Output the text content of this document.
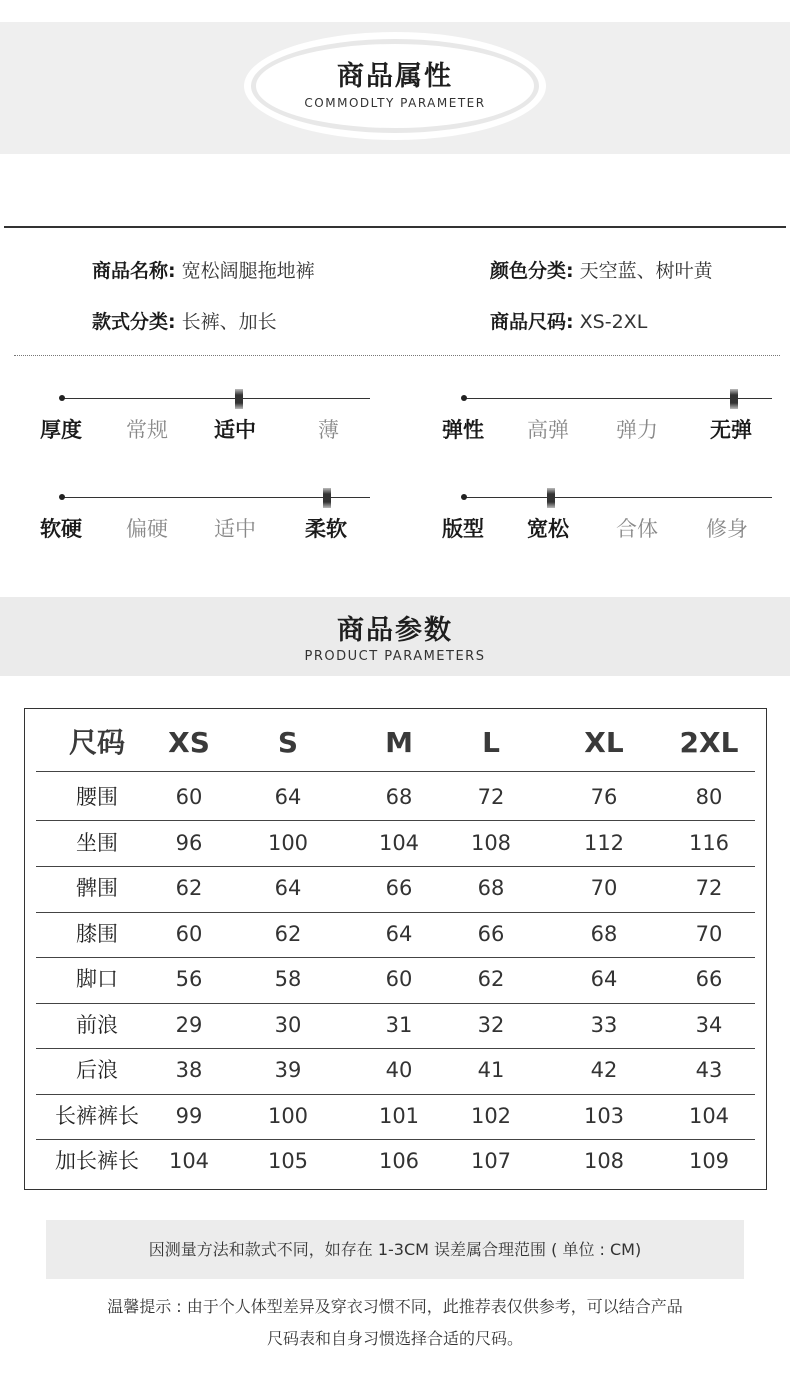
商品属性
COMMODLTY PARAMETER
商品名称: 宽松阔腿拖地裤	颜色分类: 天空蓝、树叶黄
款式分类: 长裤、加长	商品尺码: XS-2XL
厚度 常规 适中	薄	弹性 高弹 弹力 无弹
软硬 偏硬 适中 柔软	版型 宽松 合体 修身
商品参数
PRODUCT PARAMETERS
尺码	XS	S	M	L	XL	2XL
腰围	60	64	68	72	76	80
坐围	96	100	104	108	112	116
髀围	62	64	66	68	70	72
膝围	60	62	64	66	68	70
脚口	56	58	60	62	64	66
前浪	29	30	31	32	33	34
后浪	38	39	40	41	42	43
长裤裤长	99	100	101	102	103	104
加长裤长	104	105	106	107	108	109
因测量方法和款式不同，如存在 1-3CM 误差属合理范围 ( 单位 : CM)
温馨提示 : 由于个人体型差异及穿衣习惯不同，此推荐表仅供参考，可以结合产品
尺码表和自身习惯选择合适的尺码。
